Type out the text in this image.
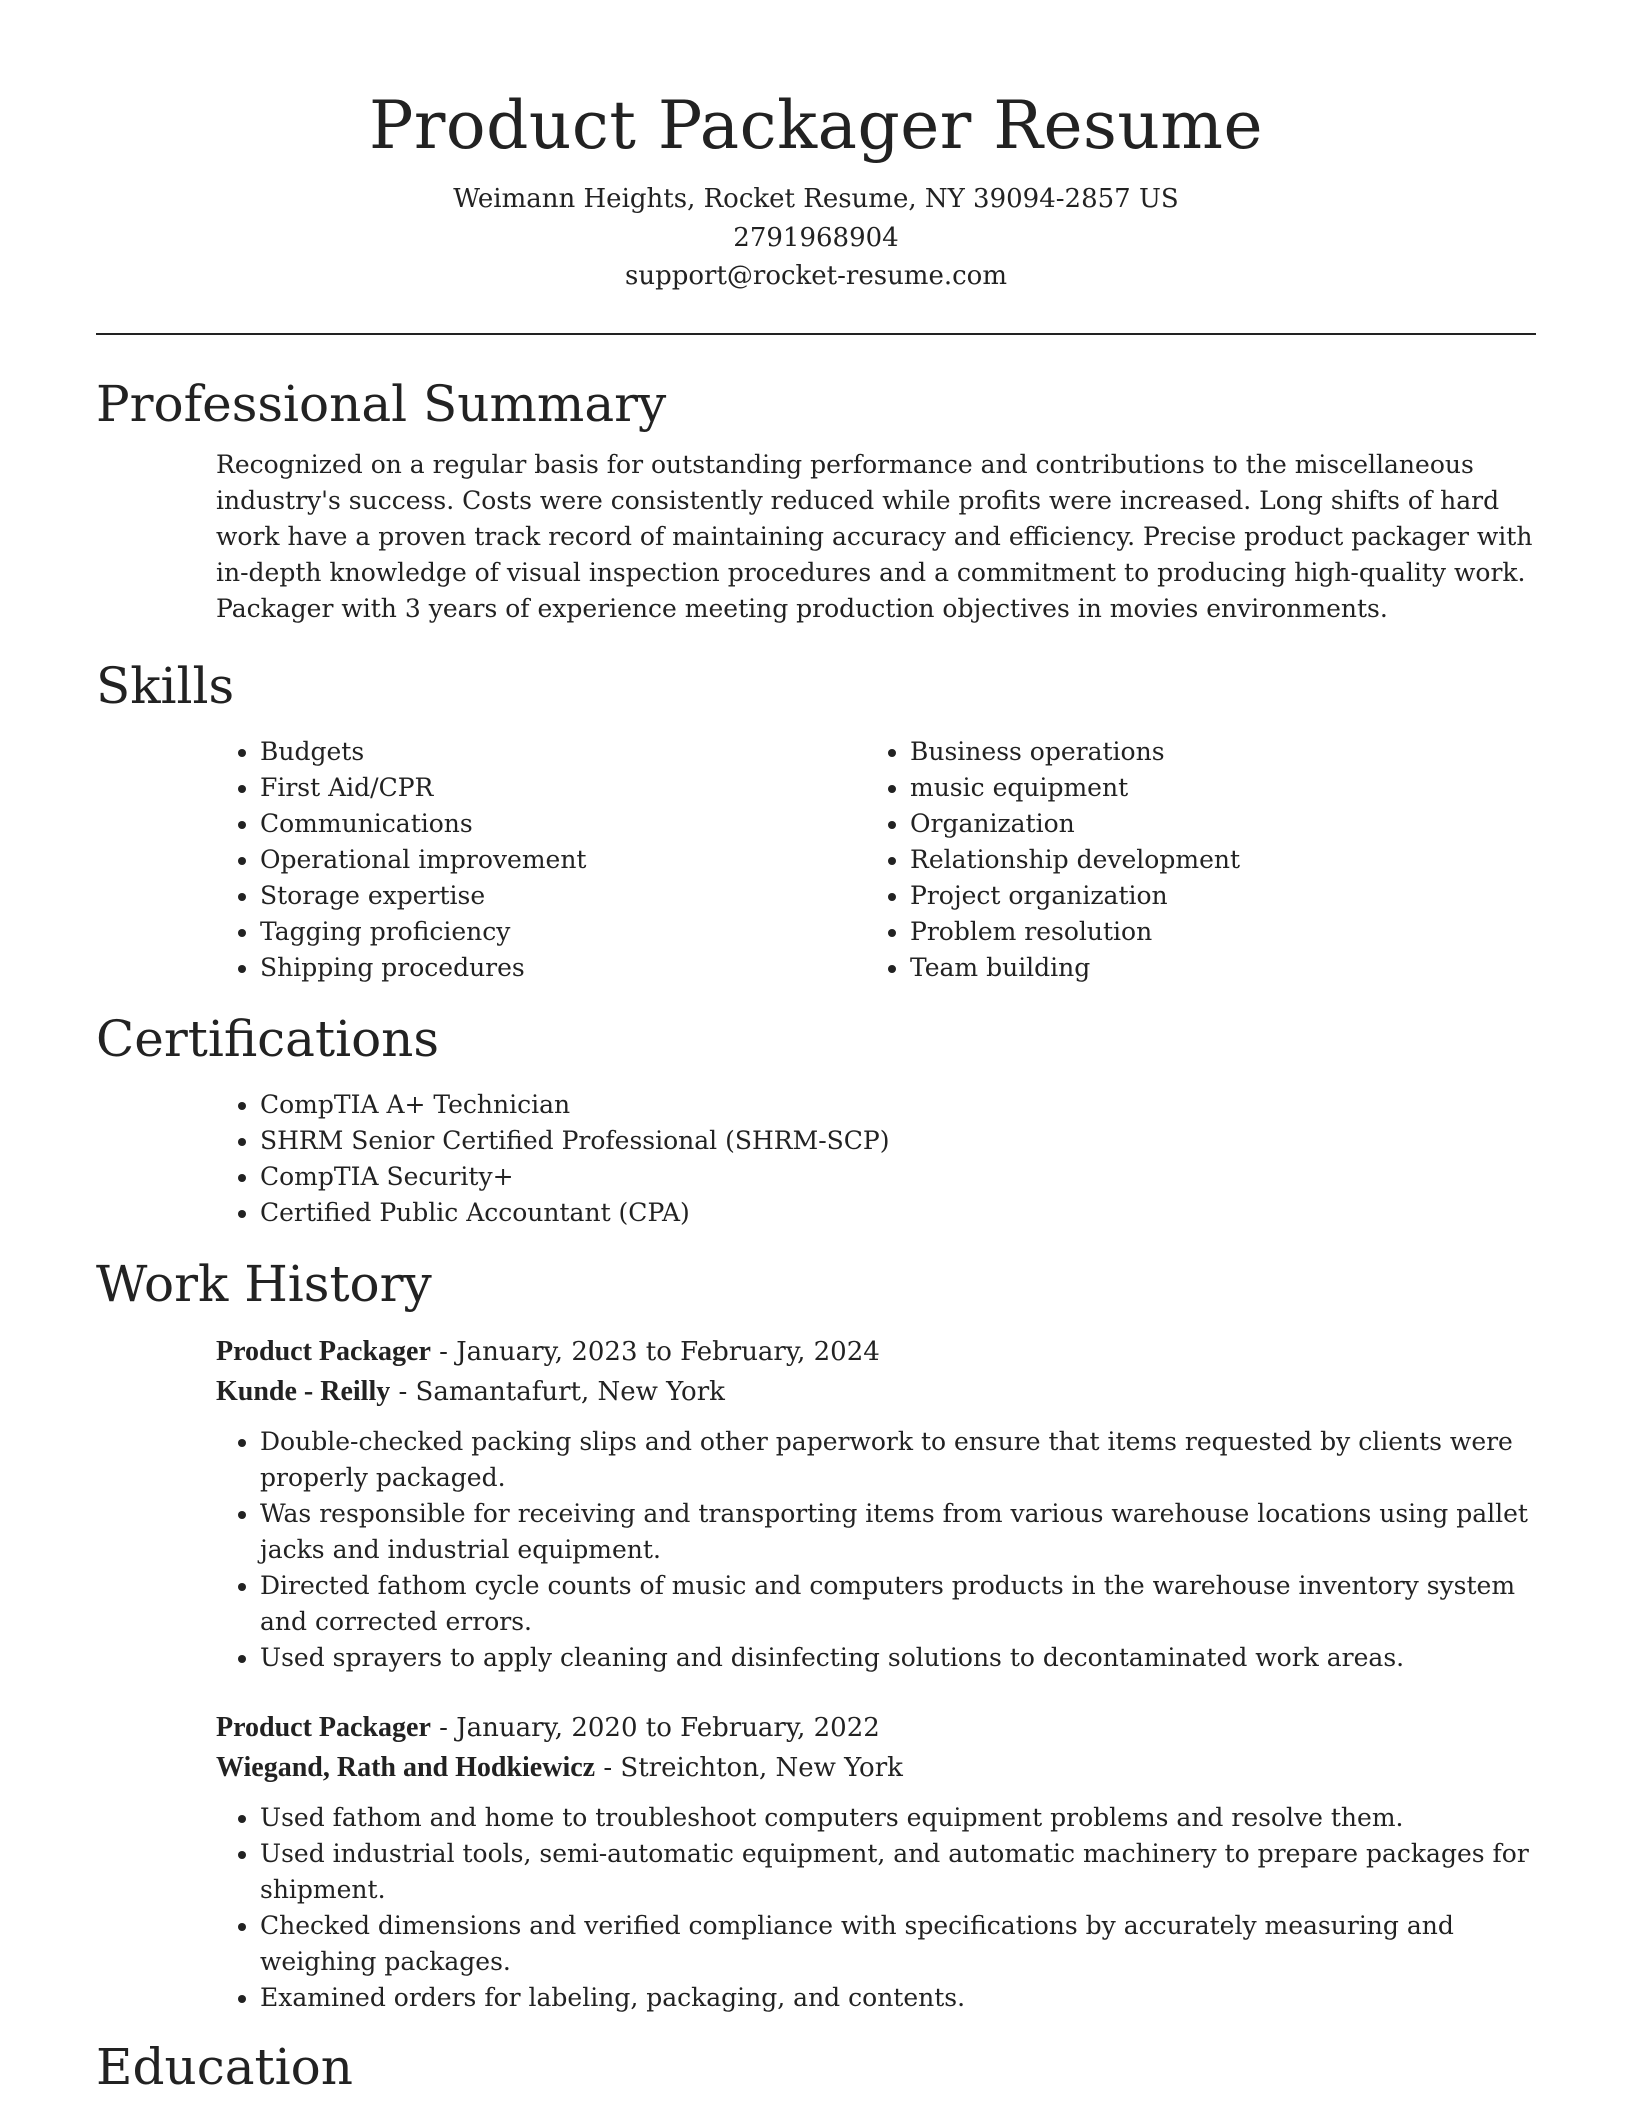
Product Packager Resume
Weimann Heights, Rocket Resume, NY 39094-2857 US
2791968904
support@rocket-resume.com
Professional Summary

Recognized on a regular basis for outstanding performance and contributions to the miscellaneous industry's success. Costs were consistently reduced while profits were increased. Long shifts of hard work have a proven track record of maintaining accuracy and efficiency. Precise product packager with in-depth knowledge of visual inspection procedures and a commitment to producing high-quality work. Packager with 3 years of experience meeting production objectives in movies environments.

Skills
• Budgets
• First Aid/CPR
• Communications
• Operational improvement
• Storage expertise
• Tagging proficiency
• Shipping procedures
• Business operations
• music equipment
• Organization
• Relationship development
• Project organization
• Problem resolution
• Team building
Certifications
• CompTIA A+ Technician
• SHRM Senior Certified Professional (SHRM-SCP)
• CompTIA Security+
• Certified Public Accountant (CPA)
Work History
Product Packager - January, 2023 to February, 2024
Kunde - Reilly - Samantafurt, New York
• Double-checked packing slips and other paperwork to ensure that items requested by clients were properly packaged.
• Was responsible for receiving and transporting items from various warehouse locations using pallet jacks and industrial equipment.
• Directed fathom cycle counts of music and computers products in the warehouse inventory system and corrected errors.
• Used sprayers to apply cleaning and disinfecting solutions to decontaminated work areas.
Product Packager - January, 2020 to February, 2022
Wiegand, Rath and Hodkiewicz - Streichton, New York
• Used fathom and home to troubleshoot computers equipment problems and resolve them.
• Used industrial tools, semi-automatic equipment, and automatic machinery to prepare packages for shipment.
• Checked dimensions and verified compliance with specifications by accurately measuring and weighing packages.
• Examined orders for labeling, packaging, and contents.
Education
